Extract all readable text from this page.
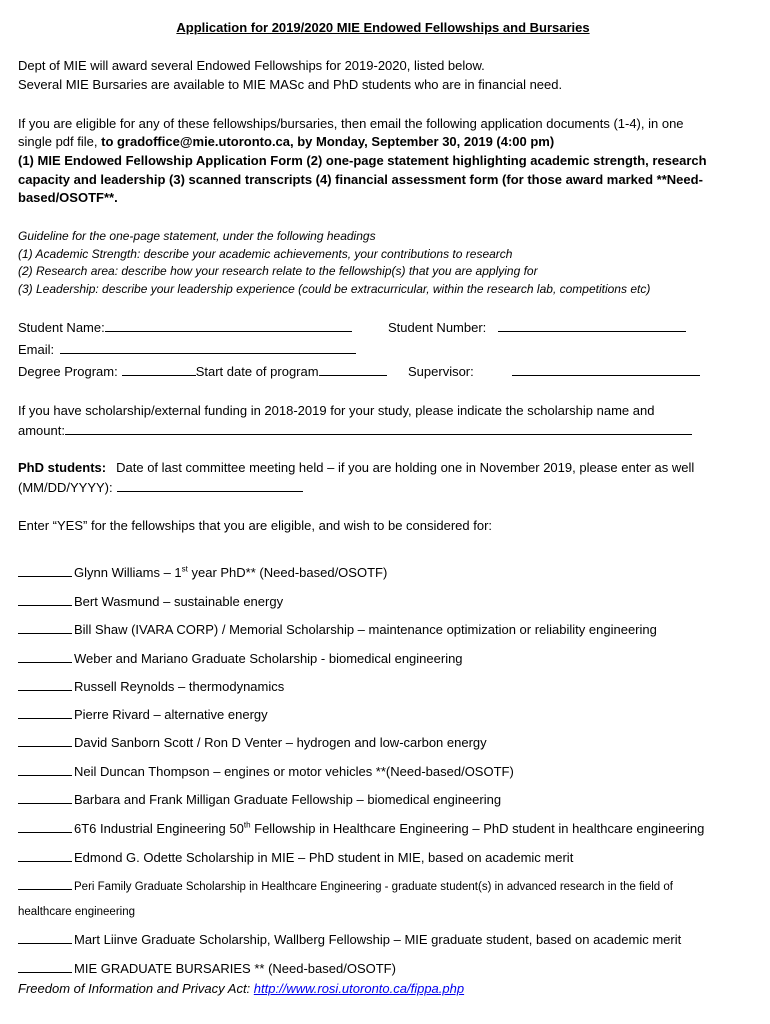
Application for 2019/2020 MIE Endowed Fellowships and Bursaries
Dept of MIE will award several Endowed Fellowships for 2019-2020, listed below.
Several MIE Bursaries are available to MIE MASc and PhD students who are in financial need.
If you are eligible for any of these fellowships/bursaries, then email the following application documents (1-4), in one
single pdf file, to gradoffice@mie.utoronto.ca, by Monday, September 30, 2019 (4:00 pm)
(1) MIE Endowed Fellowship Application Form (2) one-page statement highlighting academic strength, research
capacity and leadership (3) scanned transcripts (4) financial assessment form (for those award marked **Need-
based/OSOTF**.
Guideline for the one-page statement, under the following headings
(1) Academic Strength: describe your academic achievements, your contributions to research
(2) Research area: describe how your research relate to the fellowship(s) that you are applying for
(3) Leadership: describe your leadership experience (could be extracurricular, within the research lab, competitions etc)
Student Name:	Student Number:
Email:
Degree Program:	Start date of program	Supervisor:
If you have scholarship/external funding in 2018-2019 for your study, please indicate the scholarship name and
amount:
PhD students: Date of last committee meeting held – if you are holding one in November 2019, please enter as well
(MM/DD/YYYY):
Enter “YES” for the fellowships that you are eligible, and wish to be considered for:
Glynn Williams – 1st year PhD** (Need-based/OSOTF)
Bert Wasmund – sustainable energy
Bill Shaw (IVARA CORP) / Memorial Scholarship – maintenance optimization or reliability engineering
Weber and Mariano Graduate Scholarship - biomedical engineering
Russell Reynolds – thermodynamics
Pierre Rivard – alternative energy
David Sanborn Scott / Ron D Venter – hydrogen and low-carbon energy
Neil Duncan Thompson – engines or motor vehicles **(Need-based/OSOTF)
Barbara and Frank Milligan Graduate Fellowship – biomedical engineering
6T6 Industrial Engineering 50th Fellowship in Healthcare Engineering – PhD student in healthcare engineering
Edmond G. Odette Scholarship in MIE – PhD student in MIE, based on academic merit
Peri Family Graduate Scholarship in Healthcare Engineering - graduate student(s) in advanced research in the field of
healthcare engineering
Mart Liinve Graduate Scholarship, Wallberg Fellowship – MIE graduate student, based on academic merit
MIE GRADUATE BURSARIES ** (Need-based/OSOTF)
Freedom of Information and Privacy Act: http://www.rosi.utoronto.ca/fippa.php
